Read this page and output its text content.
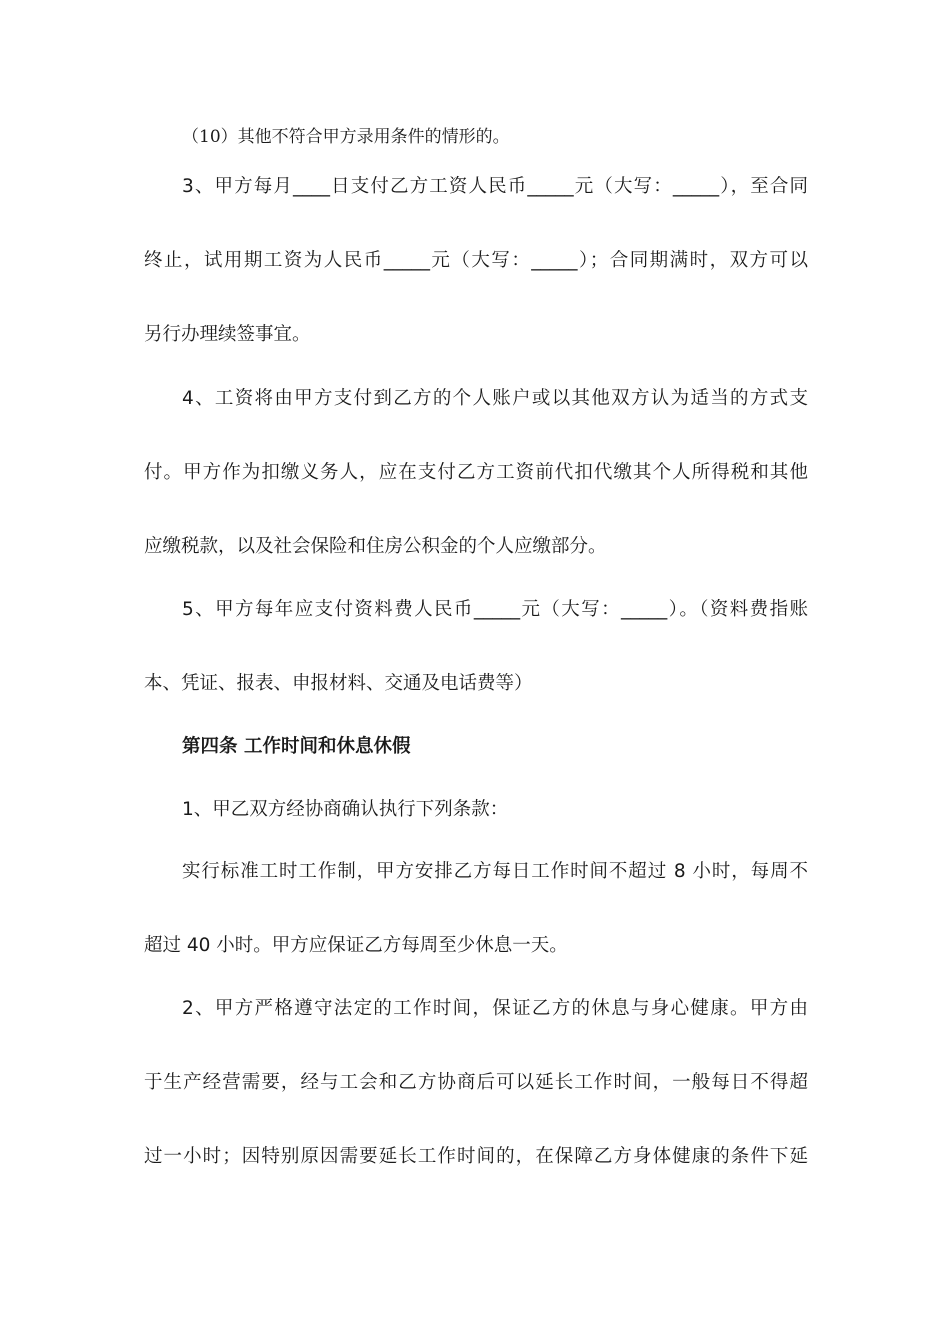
（10）其他不符合甲方录用条件的情形的。
3、甲方每月____日支付乙方工资人民币_____元（大写：_____），至合同
终止，试用期工资为人民币_____元（大写：_____）；合同期满时，双方可以
另行办理续签事宜。
4、工资将由甲方支付到乙方的个人账户或以其他双方认为适当的方式支
付。甲方作为扣缴义务人，应在支付乙方工资前代扣代缴其个人所得税和其他
应缴税款，以及社会保险和住房公积金的个人应缴部分。
5、甲方每年应支付资料费人民币_____元（大写：_____）。（资料费指账
本、凭证、报表、申报材料、交通及电话费等）
第四条 工作时间和休息休假
1、甲乙双方经协商确认执行下列条款：
实行标准工时工作制，甲方安排乙方每日工作时间不超过 8 小时，每周不
超过 40 小时。甲方应保证乙方每周至少休息一天。
2、甲方严格遵守法定的工作时间，保证乙方的休息与身心健康。甲方由
于生产经营需要，经与工会和乙方协商后可以延长工作时间，一般每日不得超
过一小时；因特别原因需要延长工作时间的，在保障乙方身体健康的条件下延
